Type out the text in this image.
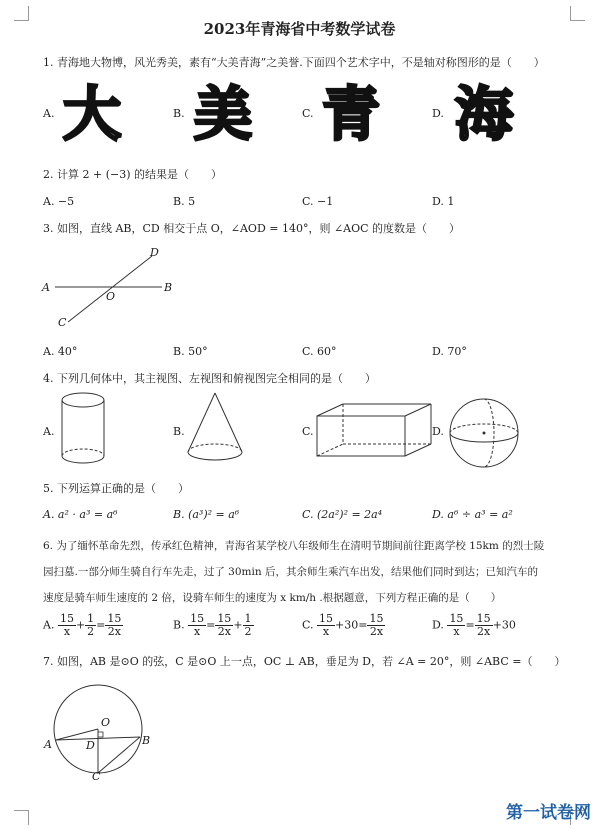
2023年青海省中考数学试卷
1. 青海地大物博，风光秀美，素有“大美青海”之美誉.下面四个艺术字中，不是轴对称图形的是（　　）
A. 大	B. 美	C. 青	D. 海
2. 计算 2 + (−3) 的结果是（　　）
A. −5	B. 5	C. −1	D. 1
3. 如图，直线 AB，CD 相交于点 O，∠AOD = 140°，则 ∠AOC 的度数是（　　）
A	B
C
D
O
A. 40°	B. 50°	C. 60°	D. 70°
4. 下列几何体中，其主视图、左视图和俯视图完全相同的是（　　）
A.	B.	C.	D.
5. 下列运算正确的是（　　）
A. a² · a³ = a⁶	B. (a³)² = a⁶	C. (2a²)² = 2a⁴	D. a⁶ ÷ a³ = a²
6. 为了缅怀革命先烈，传承红色精神，青海省某学校八年级师生在清明节期间前往距离学校 15km 的烈士陵
园扫墓.一部分师生骑自行车先走，过了 30min 后，其余师生乘汽车出发，结果他们同时到达；已知汽车的
速度是骑车师生速度的 2 倍，设骑车师生的速度为 x km/h .根据题意，下列方程正确的是（　　）
A. $\frac{15}{x} + \frac{1}{2} = \frac{15}{2x}$	B. $\frac{15}{x} = \frac{15}{2x} + \frac{1}{2}$	C. $\frac{15}{x} +30= \frac{15}{2x}$	D. $\frac{15}{x} = \frac{15}{2x} +30$
7. 如图，AB 是⊙O 的弦，C 是⊙O 上一点，OC ⊥ AB，垂足为 D，若 ∠A = 20°，则 ∠ABC =（　　）
A	B
C
D
O
第一试卷网
